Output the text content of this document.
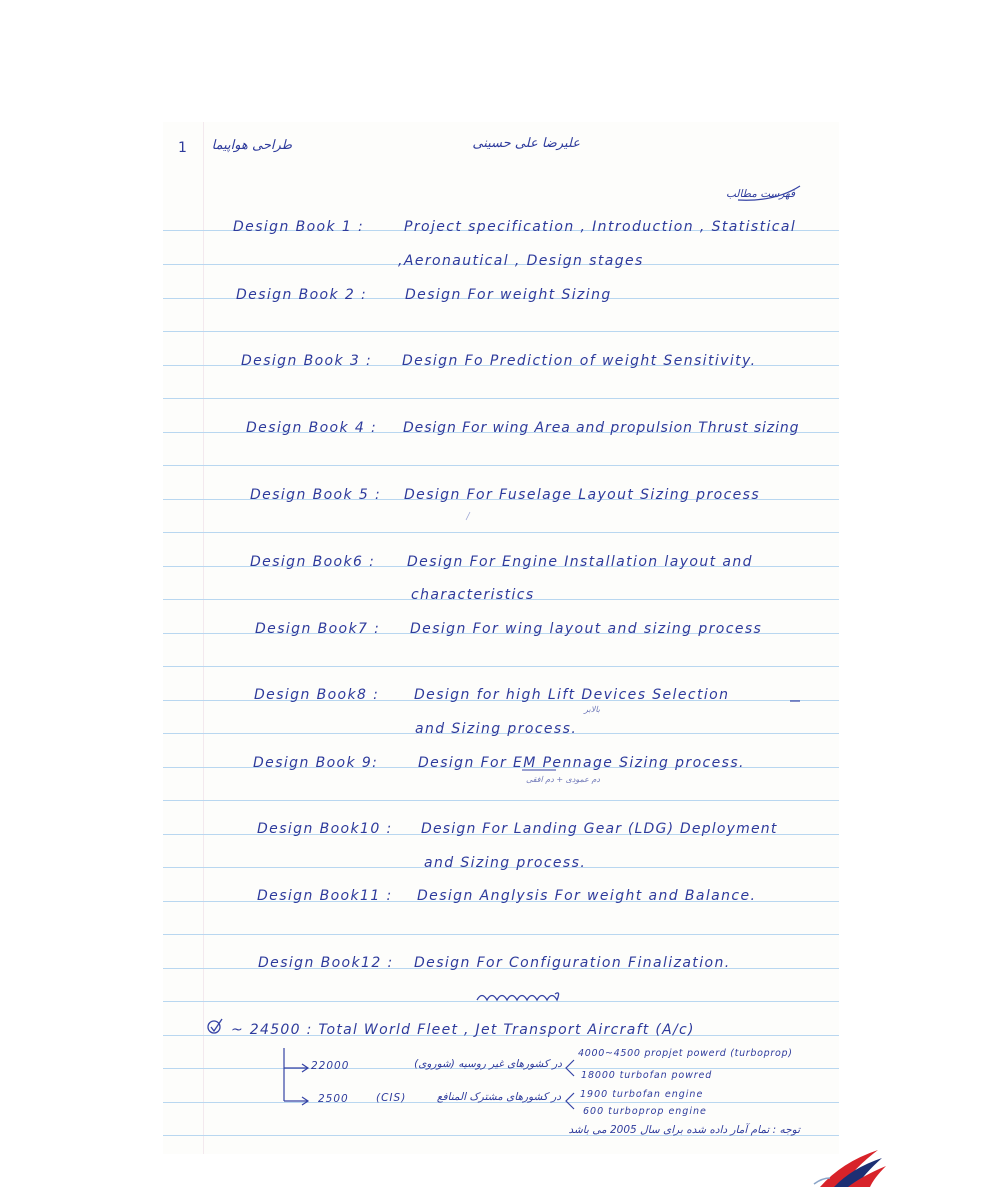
1 طراحی هواپیما	علیرضا علی حسینی
فهرست مطالب
Design Book 1 :	Project specification , Introduction , Statistical
,Aeronautical , Design stages
Design Book 2 :	Design For weight Sizing
Design Book 3 : Design Fo Prediction of weight Sensitivity.
Design Book 4 : Design For wing Area and propulsion Thrust sizing
Design Book 5 : Design For Fuselage Layout Sizing process
Design Book6 : Design For Engine Installation layout and
characteristics
Design Book7 : Design For wing layout and sizing process
Design Book8 : Design for high Lift Devices Selection
بالابر
and Sizing process.
Design Book 9:	Design For EM Pennage Sizing process.
دم عمودی + دم افقی
Design Book10 : Design For Landing Gear (LDG) Deployment
and Sizing process.
Design Book11 : Design Anglysis For weight and Balance.
Design Book12 : Design For Configuration Finalization.
~ 24500 : Total World Fleet , Jet Transport Aircraft (A/c)
22000	در کشورهای غیر روسیه (شوروی)
4000~4500 propjet powerd (turboprop)
18000 turbofan powred
2500	(CIS)	در کشورهای مشترک المنافع 1900 turbofan engine
600 turboprop engine
توجه : تمام آمار داده شده برای سال 2005 می باشد
